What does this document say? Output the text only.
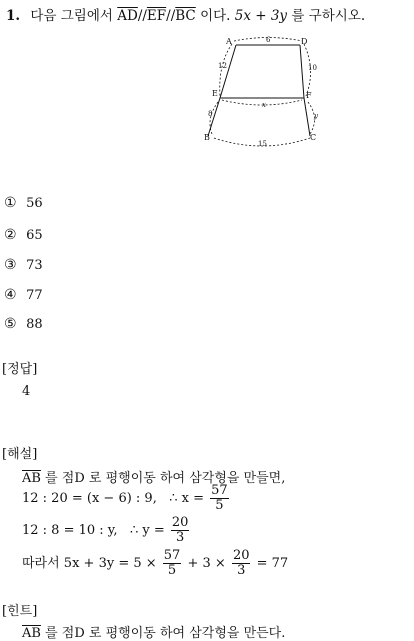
1. 다음 그림에서 $\overline{AD}//\overline{EF}//\overline{BC}$ 이다. 5x + 3y 를 구하시오.
A	D
E	F
B	C
6
12	10
x
8	y
15
① 56
② 65
③ 73
④ 77
⑤ 88
[정답]
4
[해설]
$\overline{AB}$ 를 점D 로 평행이동 하여 삼각형을 만들면,
12 : 20 = (x − 6) : 9, ∴ $x = \frac{57}{5}$
12 : 8 = 10 : y, ∴ $y = \frac{20}{3}$
따라서 $5x + 3y = 5 \times \frac{57}{5} + 3 \times \frac{20}{3} = 77$
[힌트]
$\overline{AB}$ 를 점D 로 평행이동 하여 삼각형을 만든다.
